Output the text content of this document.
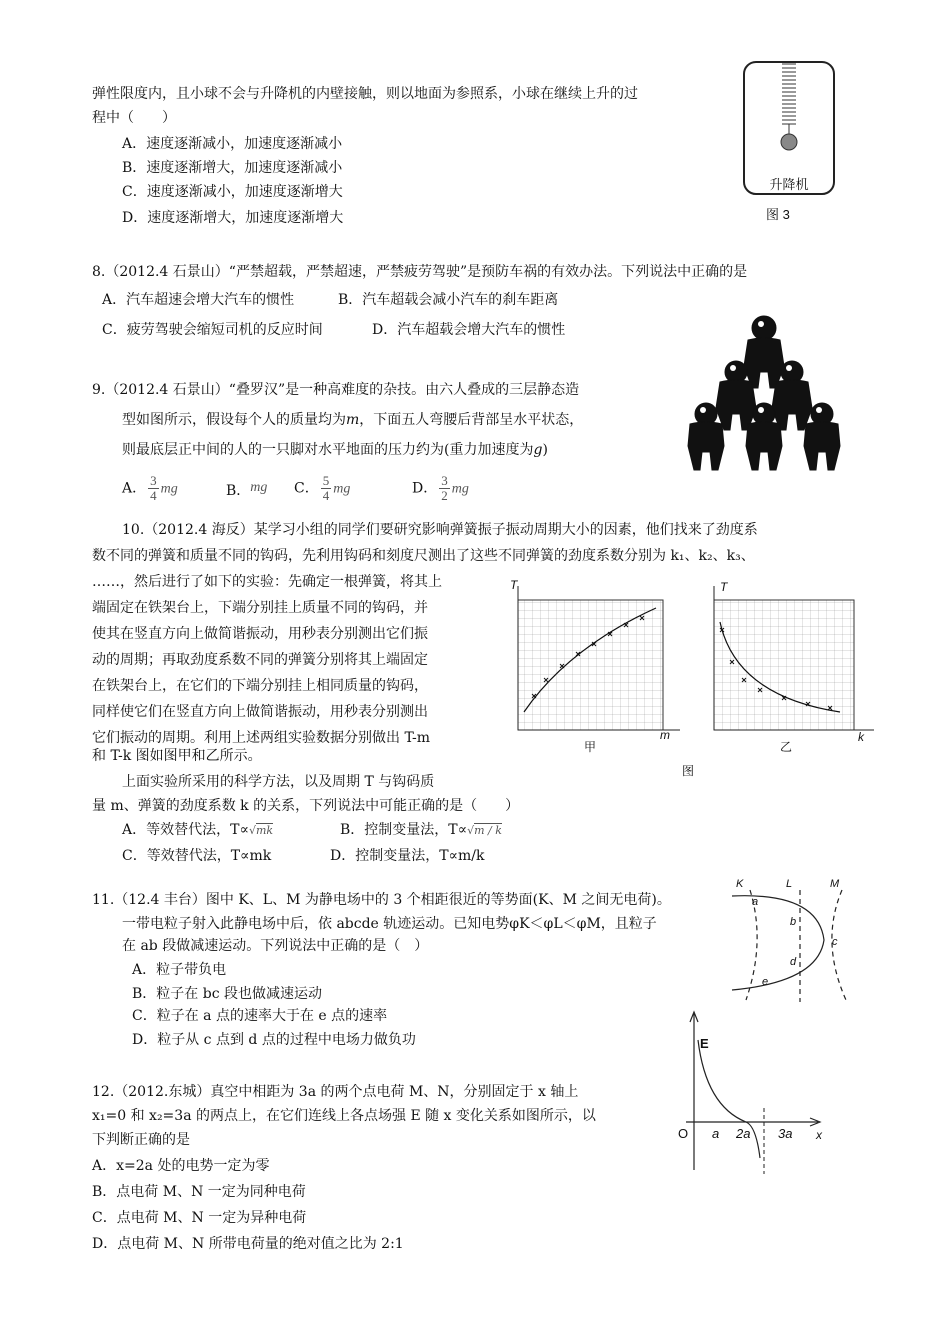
弹性限度内，且小球不会与升降机的内壁接触，则以地面为参照系，小球在继续上升的过
程中（　　）
A．速度逐渐减小，加速度逐渐减小
B．速度逐渐增大，加速度逐渐减小
C．速度逐渐减小，加速度逐渐增大
D．速度逐渐增大，加速度逐渐增大
升降机
图 3
8.（2012.4 石景山）“严禁超载，严禁超速，严禁疲劳驾驶”是预防车祸的有效办法。下列说法中正确的是
A．汽车超速会增大汽车的惯性	B．汽车超载会减小汽车的刹车距离
C．疲劳驾驶会缩短司机的反应时间	D．汽车超载会增大汽车的惯性
9.（2012.4 石景山）“叠罗汉”是一种高难度的杂技。由六人叠成的三层静态造
型如图所示，假设每个人的质量均为m，下面五人弯腰后背部呈水平状态，
则最底层正中间的人的一只脚对水平地面的压力约为(重力加速度为g)
A． $\frac{3}{4}$ mg	B．mg C． $\frac{5}{4}$ mg	D． $\frac{3}{2}$ mg
10.（2012.4 海反）某学习小组的同学们要研究影响弹簧振子振动周期大小的因素，他们找来了劲度系
数不同的弹簧和质量不同的钩码，先利用钩码和刻度尺测出了这些不同弹簧的劲度系数分别为 k₁、k₂、k₃、
……，然后进行了如下的实验：先确定一根弹簧，将其上
端固定在铁架台上，下端分别挂上质量不同的钩码，并
使其在竖直方向上做简谐振动，用秒表分别测出它们振
动的周期；再取劲度系数不同的弹簧分别将其上端固定
在铁架台上，在它们的下端分别挂上相同质量的钩码，
同样使它们在竖直方向上做简谐振动，用秒表分别测出
它们振动的周期。利用上述两组实验数据分别做出 T-m
和 T-k 图如图甲和乙所示。
上面实验所采用的科学方法，以及周期 T 与钩码质
量 m、弹簧的劲度系数 k 的关系，下列说法中可能正确的是（　　）
A．等效替代法，T∝√mk	B．控制变量法，T∝√m / k
C．等效替代法，T∝mk	D．控制变量法，T∝m/k
T
m
甲
T
k
乙
图
11.（12.4 丰台）图中 K、L、M 为静电场中的 3 个相距很近的等势面(K、M 之间无电荷)。
一带电粒子射入此静电场中后，依 abcde 轨迹运动。已知电势φK＜φL＜φM，且粒子
在 ab 段做减速运动。下列说法中正确的是（　）
A．粒子带负电
B．粒子在 bc 段也做减速运动
C．粒子在 a 点的速率大于在 e 点的速率
D．粒子从 c 点到 d 点的过程中电场力做负功
K	L	M
a
b
c
d
e
12.（2012.东城）真空中相距为 3a 的两个点电荷 M、N，分别固定于 x 轴上
x₁=0 和 x₂=3a 的两点上，在它们连线上各点场强 E 随 x 变化关系如图所示，以
下判断正确的是
A．x=2a 处的电势一定为零
B．点电荷 M、N 一定为同种电荷
C．点电荷 M、N 一定为异种电荷
D．点电荷 M、N 所带电荷量的绝对值之比为 2:1
E
O a 2a 3a x
